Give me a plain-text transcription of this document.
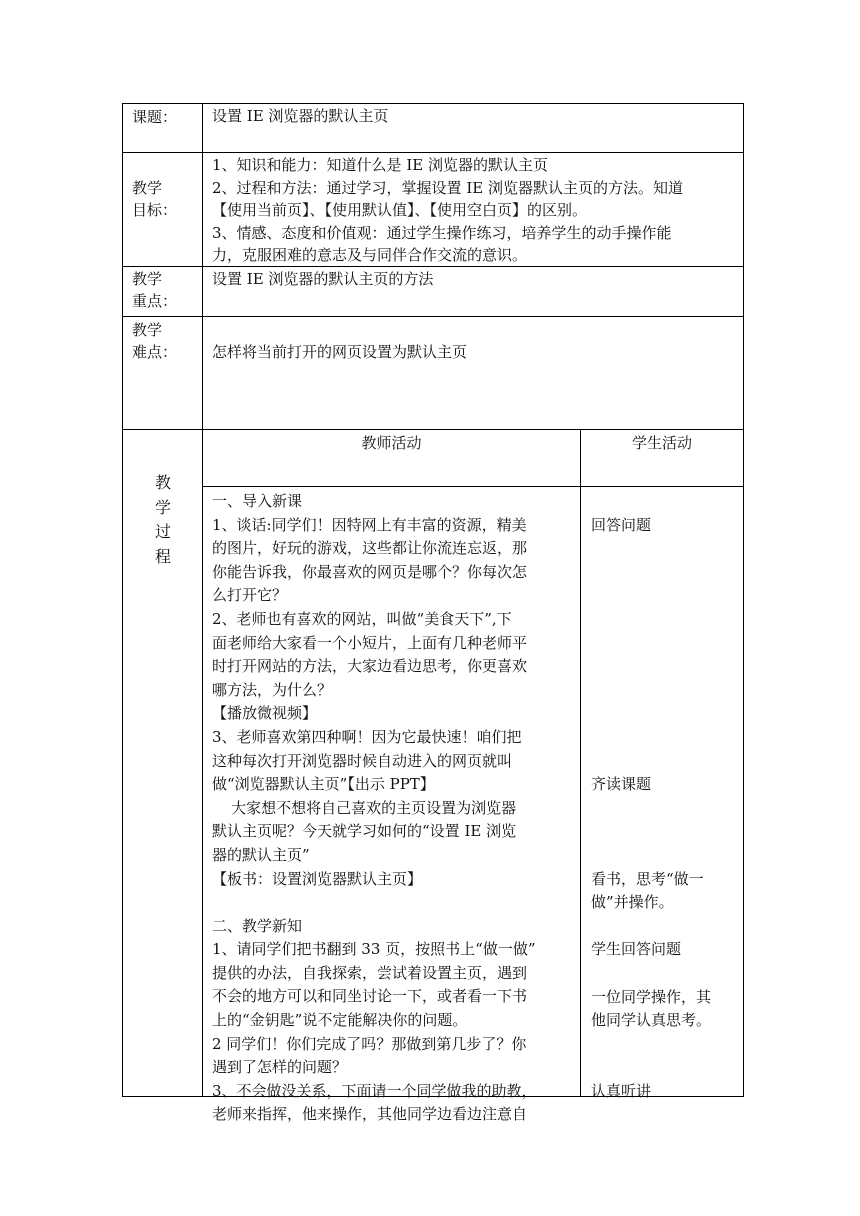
课题： 设置 IE 浏览器的默认主页
教学
目标：
1、知识和能力：知道什么是 IE 浏览器的默认主页
2、过程和方法：通过学习，掌握设置 IE 浏览器默认主页的方法。知道
【使用当前页】、【使用默认值】、【使用空白页】的区别。
3、情感、态度和价值观：通过学生操作练习，培养学生的动手操作能
力，克服困难的意志及与同伴合作交流的意识。
教学
重点：
设置 IE 浏览器的默认主页的方法
教学
难点： 怎样将当前打开的网页设置为默认主页
教
学
过
程
教师活动	学生活动
一、导入新课
1、谈话:同学们！因特网上有丰富的资源，精美
的图片，好玩的游戏，这些都让你流连忘返，那
你能告诉我，你最喜欢的网页是哪个？你每次怎
么打开它？
2、老师也有喜欢的网站，叫做“美食天下”,下
面老师给大家看一个小短片，上面有几种老师平
时打开网站的方法，大家边看边思考，你更喜欢
哪方法，为什么？
【播放微视频】
3、老师喜欢第四种啊！因为它最快速！咱们把
这种每次打开浏览器时候自动进入的网页就叫
做“浏览器默认主页”【出示 PPT】
大家想不想将自己喜欢的主页设置为浏览器
默认主页呢？今天就学习如何的“设置 IE 浏览
器的默认主页”
【板书：设置浏览器默认主页】
二、教学新知
1、请同学们把书翻到 33 页，按照书上“做一做”
提供的办法，自我探索，尝试着设置主页，遇到
不会的地方可以和同坐讨论一下，或者看一下书
上的“金钥匙”说不定能解决你的问题。
2 同学们！你们完成了吗？那做到第几步了？你
遇到了怎样的问题？
3、不会做没关系，下面请一个同学做我的助教，
老师来指挥，他来操作，其他同学边看边注意自
回答问题
齐读课题
看书，思考“做一
做”并操作。
学生回答问题
一位同学操作，其
他同学认真思考。
认真听讲
